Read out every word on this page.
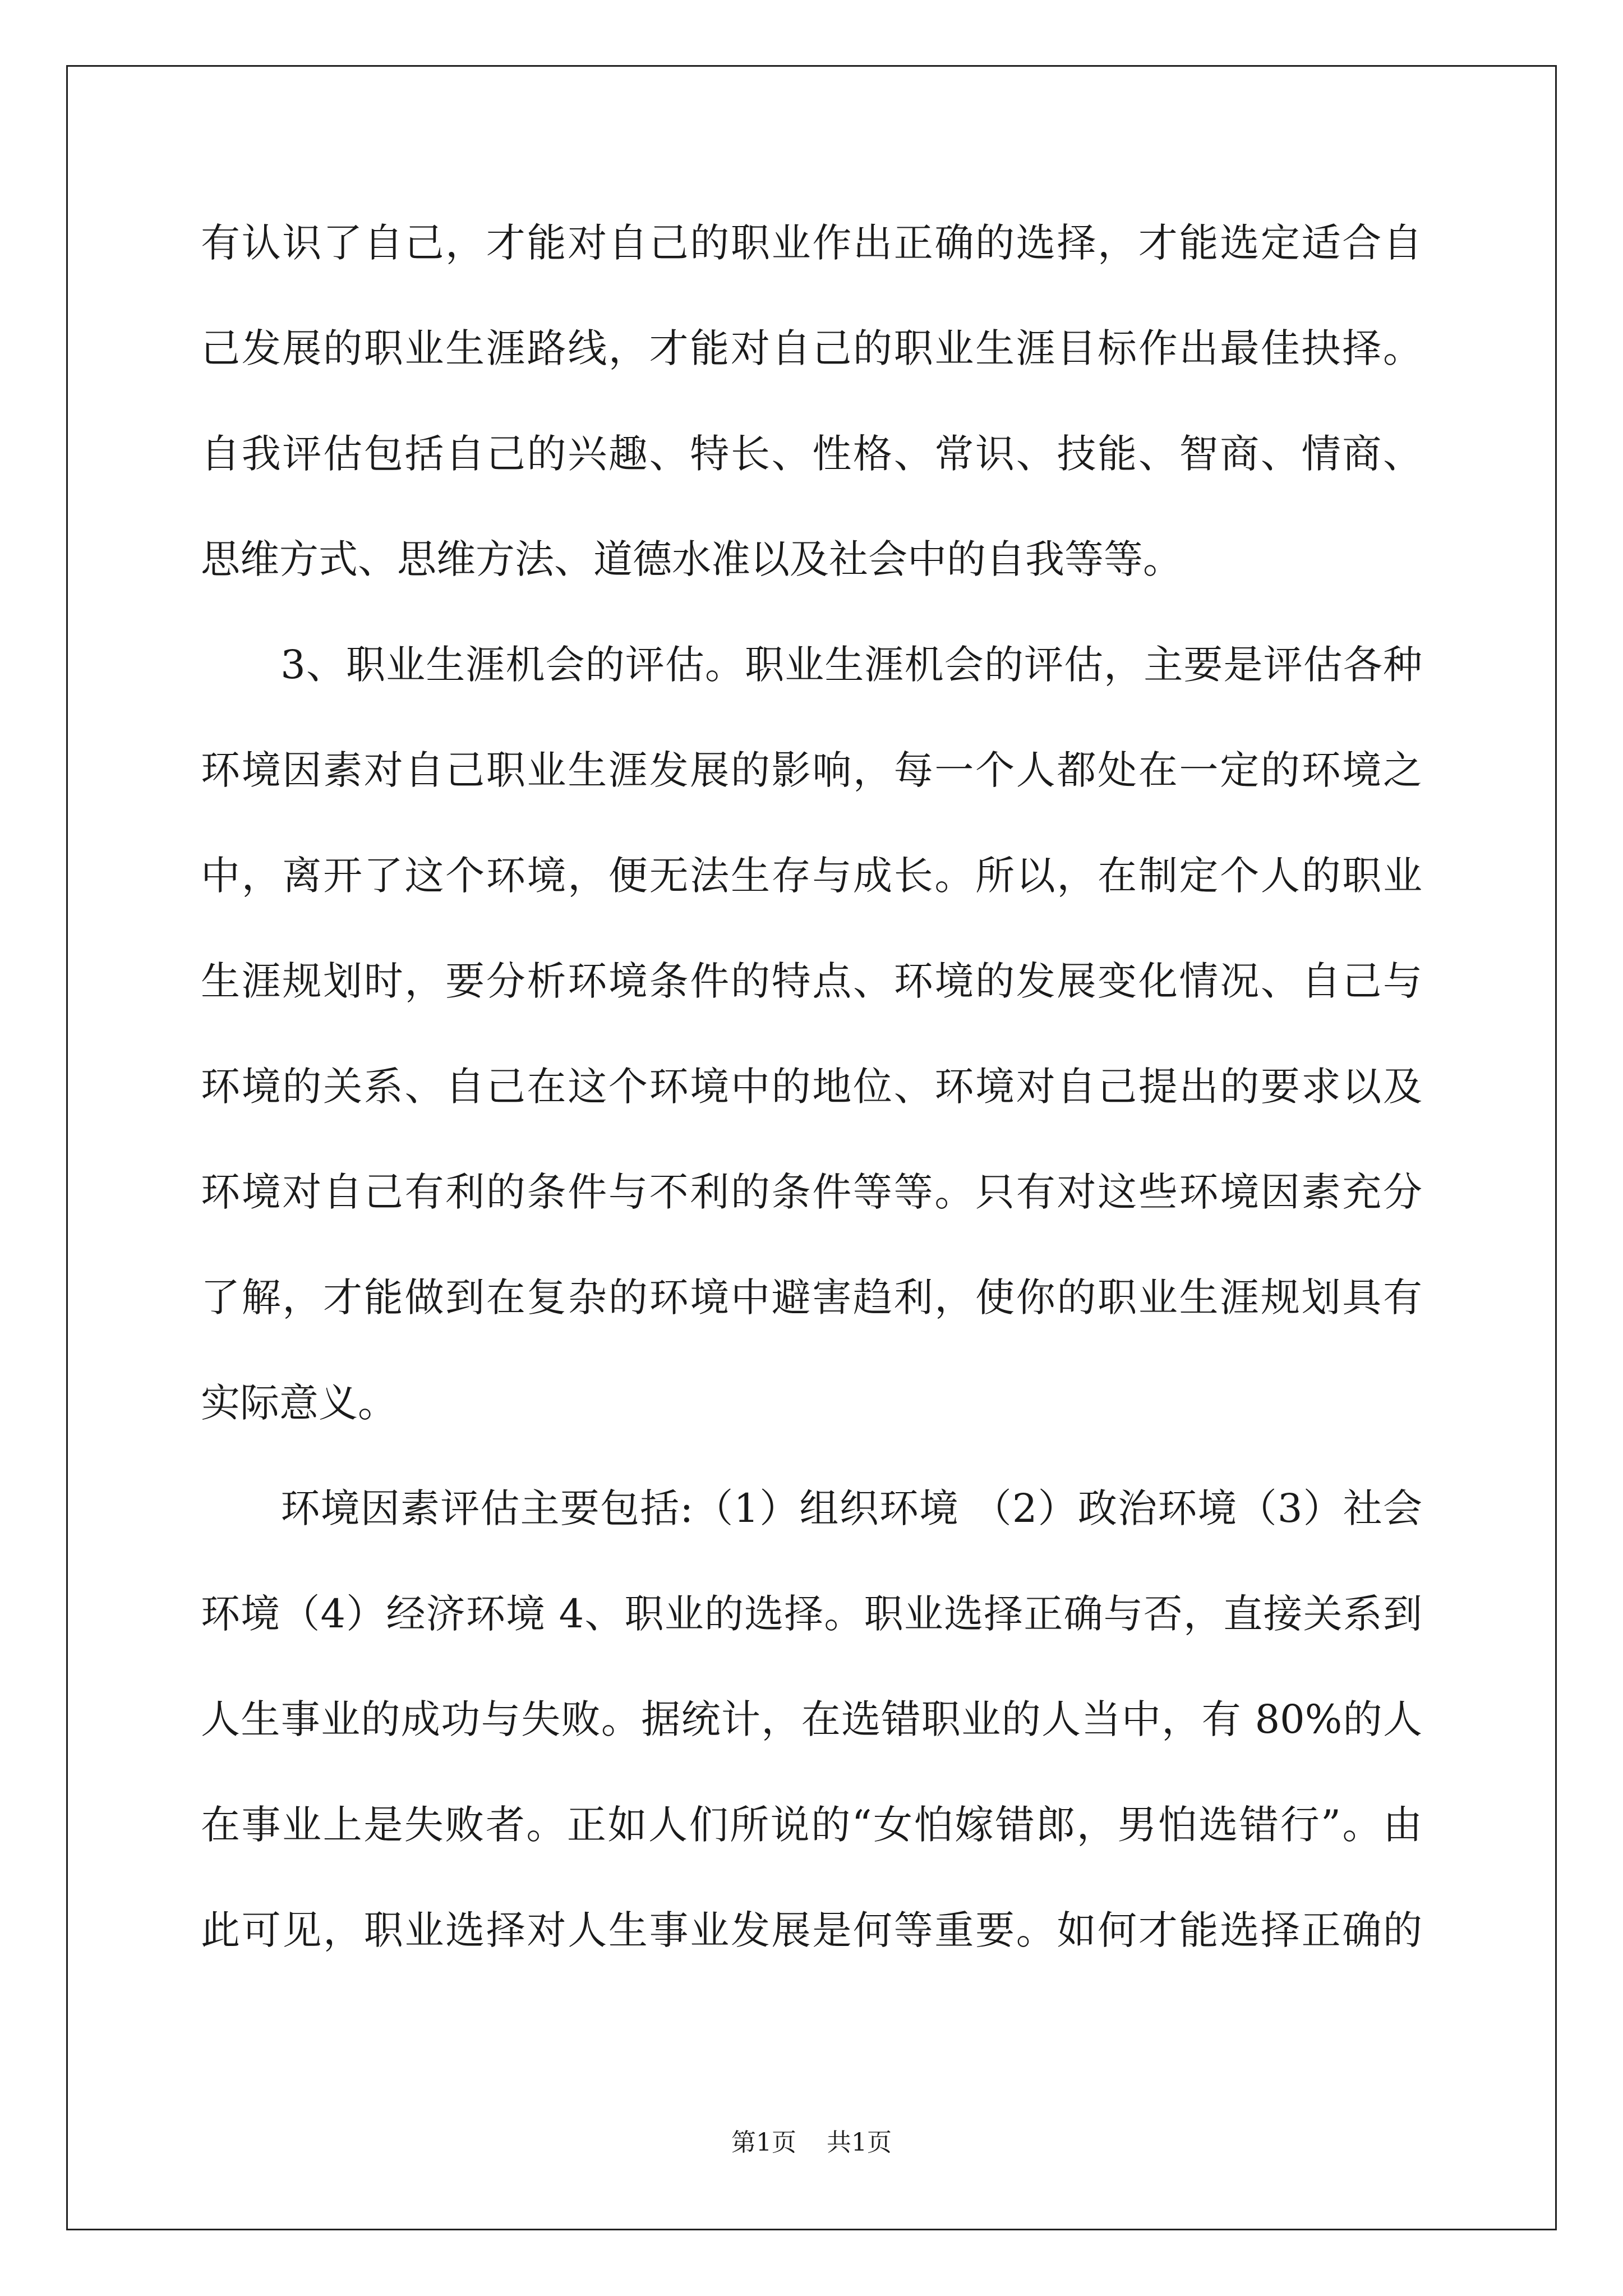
有认识了自己，才能对自己的职业作出正确的选择，才能选定适合自
己发展的职业生涯路线，才能对自己的职业生涯目标作出最佳抉择。
自我评估包括自己的兴趣、特长、性格、常识、技能、智商、情商、
思维方式、思维方法、道德水准以及社会中的自我等等。
　　3、职业生涯机会的评估。职业生涯机会的评估，主要是评估各种
环境因素对自己职业生涯发展的影响，每一个人都处在一定的环境之
中，离开了这个环境，便无法生存与成长。所以，在制定个人的职业
生涯规划时，要分析环境条件的特点、环境的发展变化情况、自己与
环境的关系、自己在这个环境中的地位、环境对自己提出的要求以及
环境对自己有利的条件与不利的条件等等。只有对这些环境因素充分
了解，才能做到在复杂的环境中避害趋利，使你的职业生涯规划具有
实际意义。
　　环境因素评估主要包括:（1）组织环境 （2）政治环境（3）社会
环境（4）经济环境 4、职业的选择。职业选择正确与否，直接关系到
人生事业的成功与失败。据统计，在选错职业的人当中，有 80%的人
在事业上是失败者。正如人们所说的“女怕嫁错郎，男怕选错行”。由
此可见，职业选择对人生事业发展是何等重要。如何才能选择正确的
第1页 共1页
